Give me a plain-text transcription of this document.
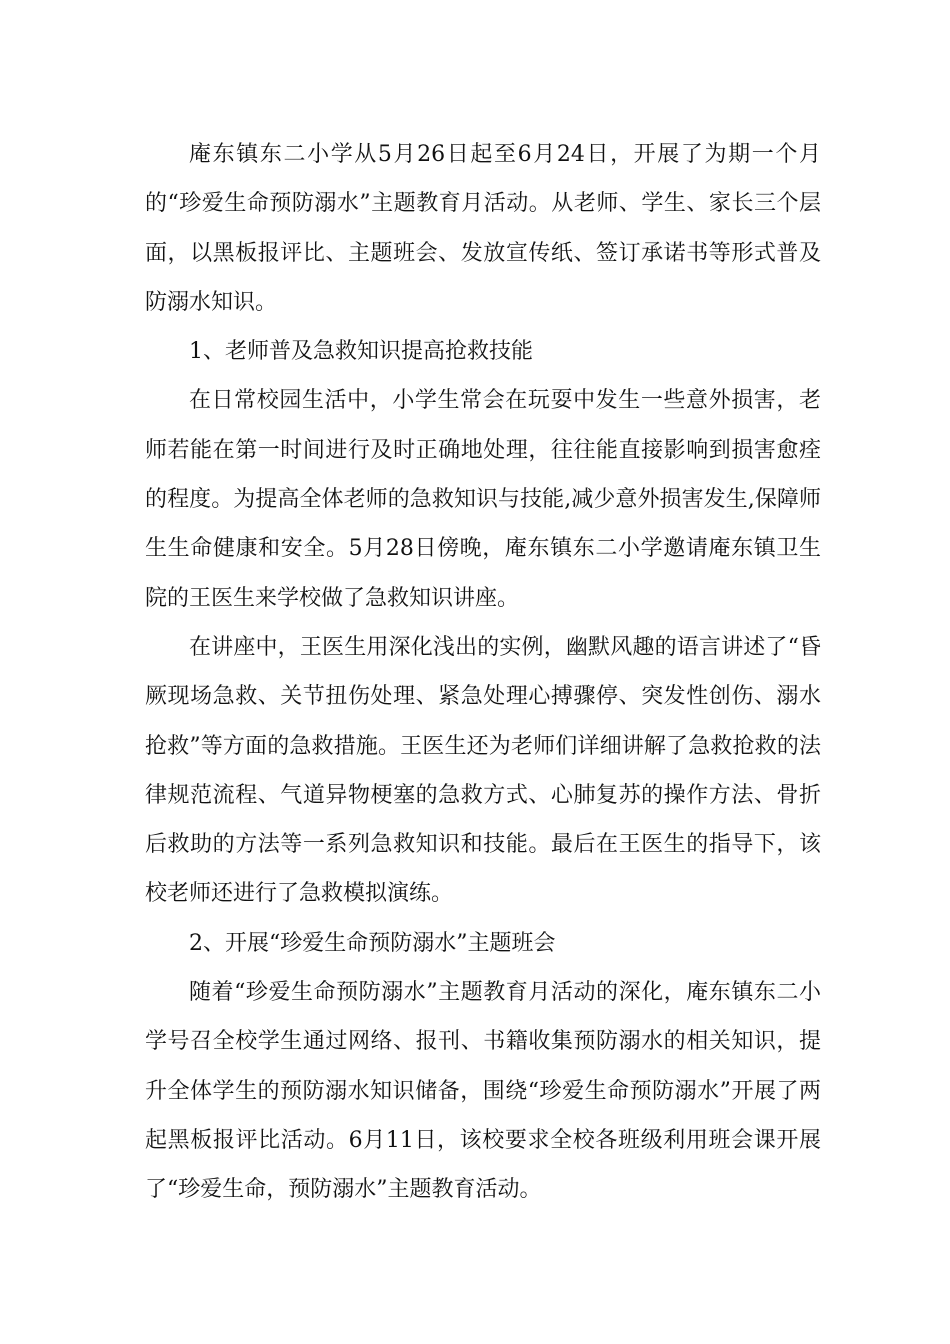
庵东镇东二小学从5月26日起至6月24日，开展了为期一个月的“珍爱生命预防溺水”主题教育月活动。从老师、学生、家长三个层面，以黑板报评比、主题班会、发放宣传纸、签订承诺书等形式普及防溺水知识。

1、老师普及急救知识提高抢救技能

在日常校园生活中，小学生常会在玩耍中发生一些意外损害，老师若能在第一时间进行及时正确地处理，往往能直接影响到损害愈痊的程度。为提高全体老师的急救知识与技能,减少意外损害发生,保障师生生命健康和安全。5月28日傍晚，庵东镇东二小学邀请庵东镇卫生院的王医生来学校做了急救知识讲座。

在讲座中，王医生用深化浅出的实例，幽默风趣的语言讲述了“昏厥现场急救、关节扭伤处理、紧急处理心搏骤停、突发性创伤、溺水抢救”等方面的急救措施。王医生还为老师们详细讲解了急救抢救的法律规范流程、气道异物梗塞的急救方式、心肺复苏的操作方法、骨折后救助的方法等一系列急救知识和技能。最后在王医生的指导下，该校老师还进行了急救模拟演练。

2、开展“珍爱生命预防溺水”主题班会

随着“珍爱生命预防溺水”主题教育月活动的深化，庵东镇东二小学号召全校学生通过网络、报刊、书籍收集预防溺水的相关知识，提升全体学生的预防溺水知识储备，围绕“珍爱生命预防溺水”开展了两起黑板报评比活动。6月11日，该校要求全校各班级利用班会课开展了“珍爱生命，预防溺水”主题教育活动。
